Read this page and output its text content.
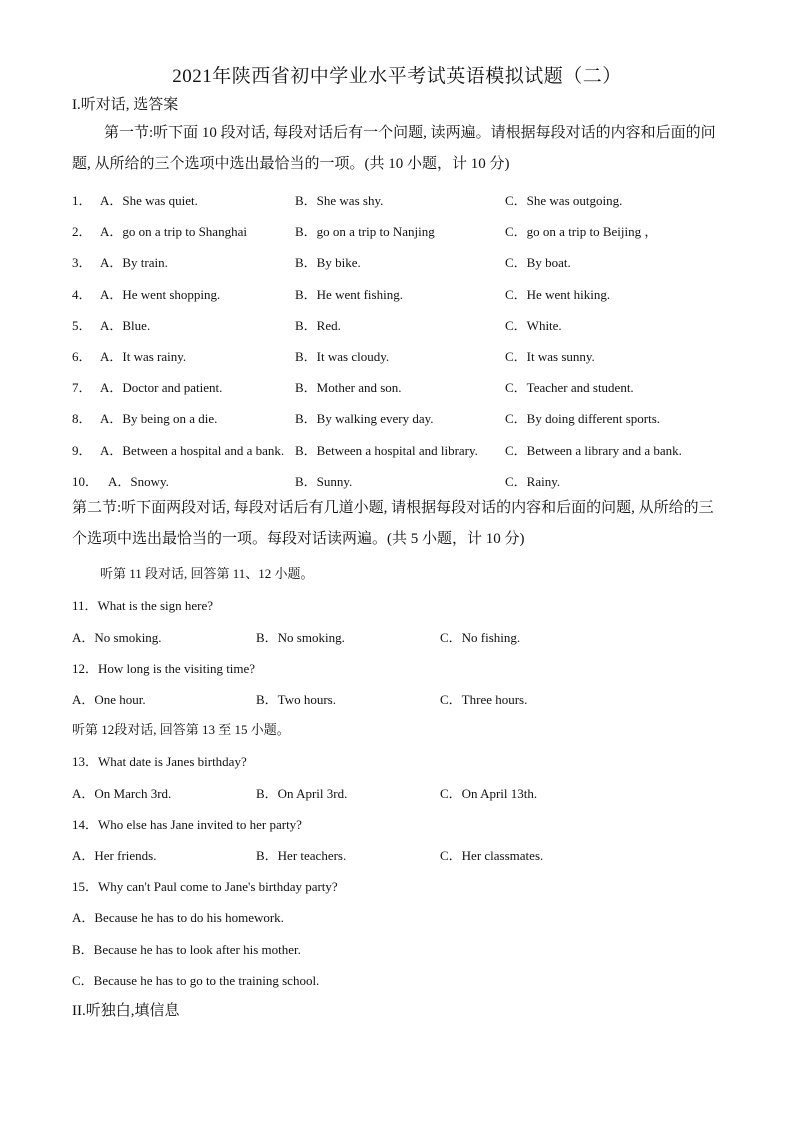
2021年陕西省初中学业水平考试英语模拟试题（二）
I.听对话, 选答案
第一节:听下面 10 段对话, 每段对话后有一个问题, 读两遍。请根据每段对话的内容和后面的问题, 从所给的三个选项中选出最恰当的一项。(共 10 小题，计 10 分)
1． A．She was quiet.	B．She was shy.	C．She was outgoing.
2． A．go on a trip to Shanghai	B．go on a trip to Nanjing	C．go on a trip to Beijing ，
3． A．By train.	B．By bike.	C．By boat.
4． A．He went shopping.	B．He went fishing.	C．He went hiking.
5． A．Blue.	B．Red.	C．White.
6． A．It was rainy.	B．It was cloudy.	C．It was sunny.
7． A．Doctor and patient.	B．Mother and son.	C．Teacher and student.
8． A．By being on a die.	B．By walking every day.	C．By doing different sports.
9． A．Between a hospital and a bank. B．Between a hospital and library. C．Between a library and a bank.
10． A．Snowy.	B．Sunny.	C．Rainy.
第二节:听下面两段对话, 每段对话后有几道小题, 请根据每段对话的内容和后面的问题, 从所给的三个选项中选出最恰当的一项。每段对话读两遍。(共 5 小题，计 10 分)
听第 11 段对话, 回答第 11、12 小题。
11．What is the sign here?
A．No smoking.	B．No smoking.	C．No fishing.
12．How long is the visiting time?
A．One hour.	B．Two hours.	C．Three hours.
听第 12段对话, 回答第 13 至 15 小题。
13．What date is Janes birthday?
A．On March 3rd.	B．On April 3rd.	C．On April 13th.
14．Who else has Jane invited to her party?
A．Her friends.	B．Her teachers.	C．Her classmates.
15．Why can't Paul come to Jane's birthday party?
A．Because he has to do his homework.
B．Because he has to look after his mother.
C．Because he has to go to the training school.
II.听独白,填信息
